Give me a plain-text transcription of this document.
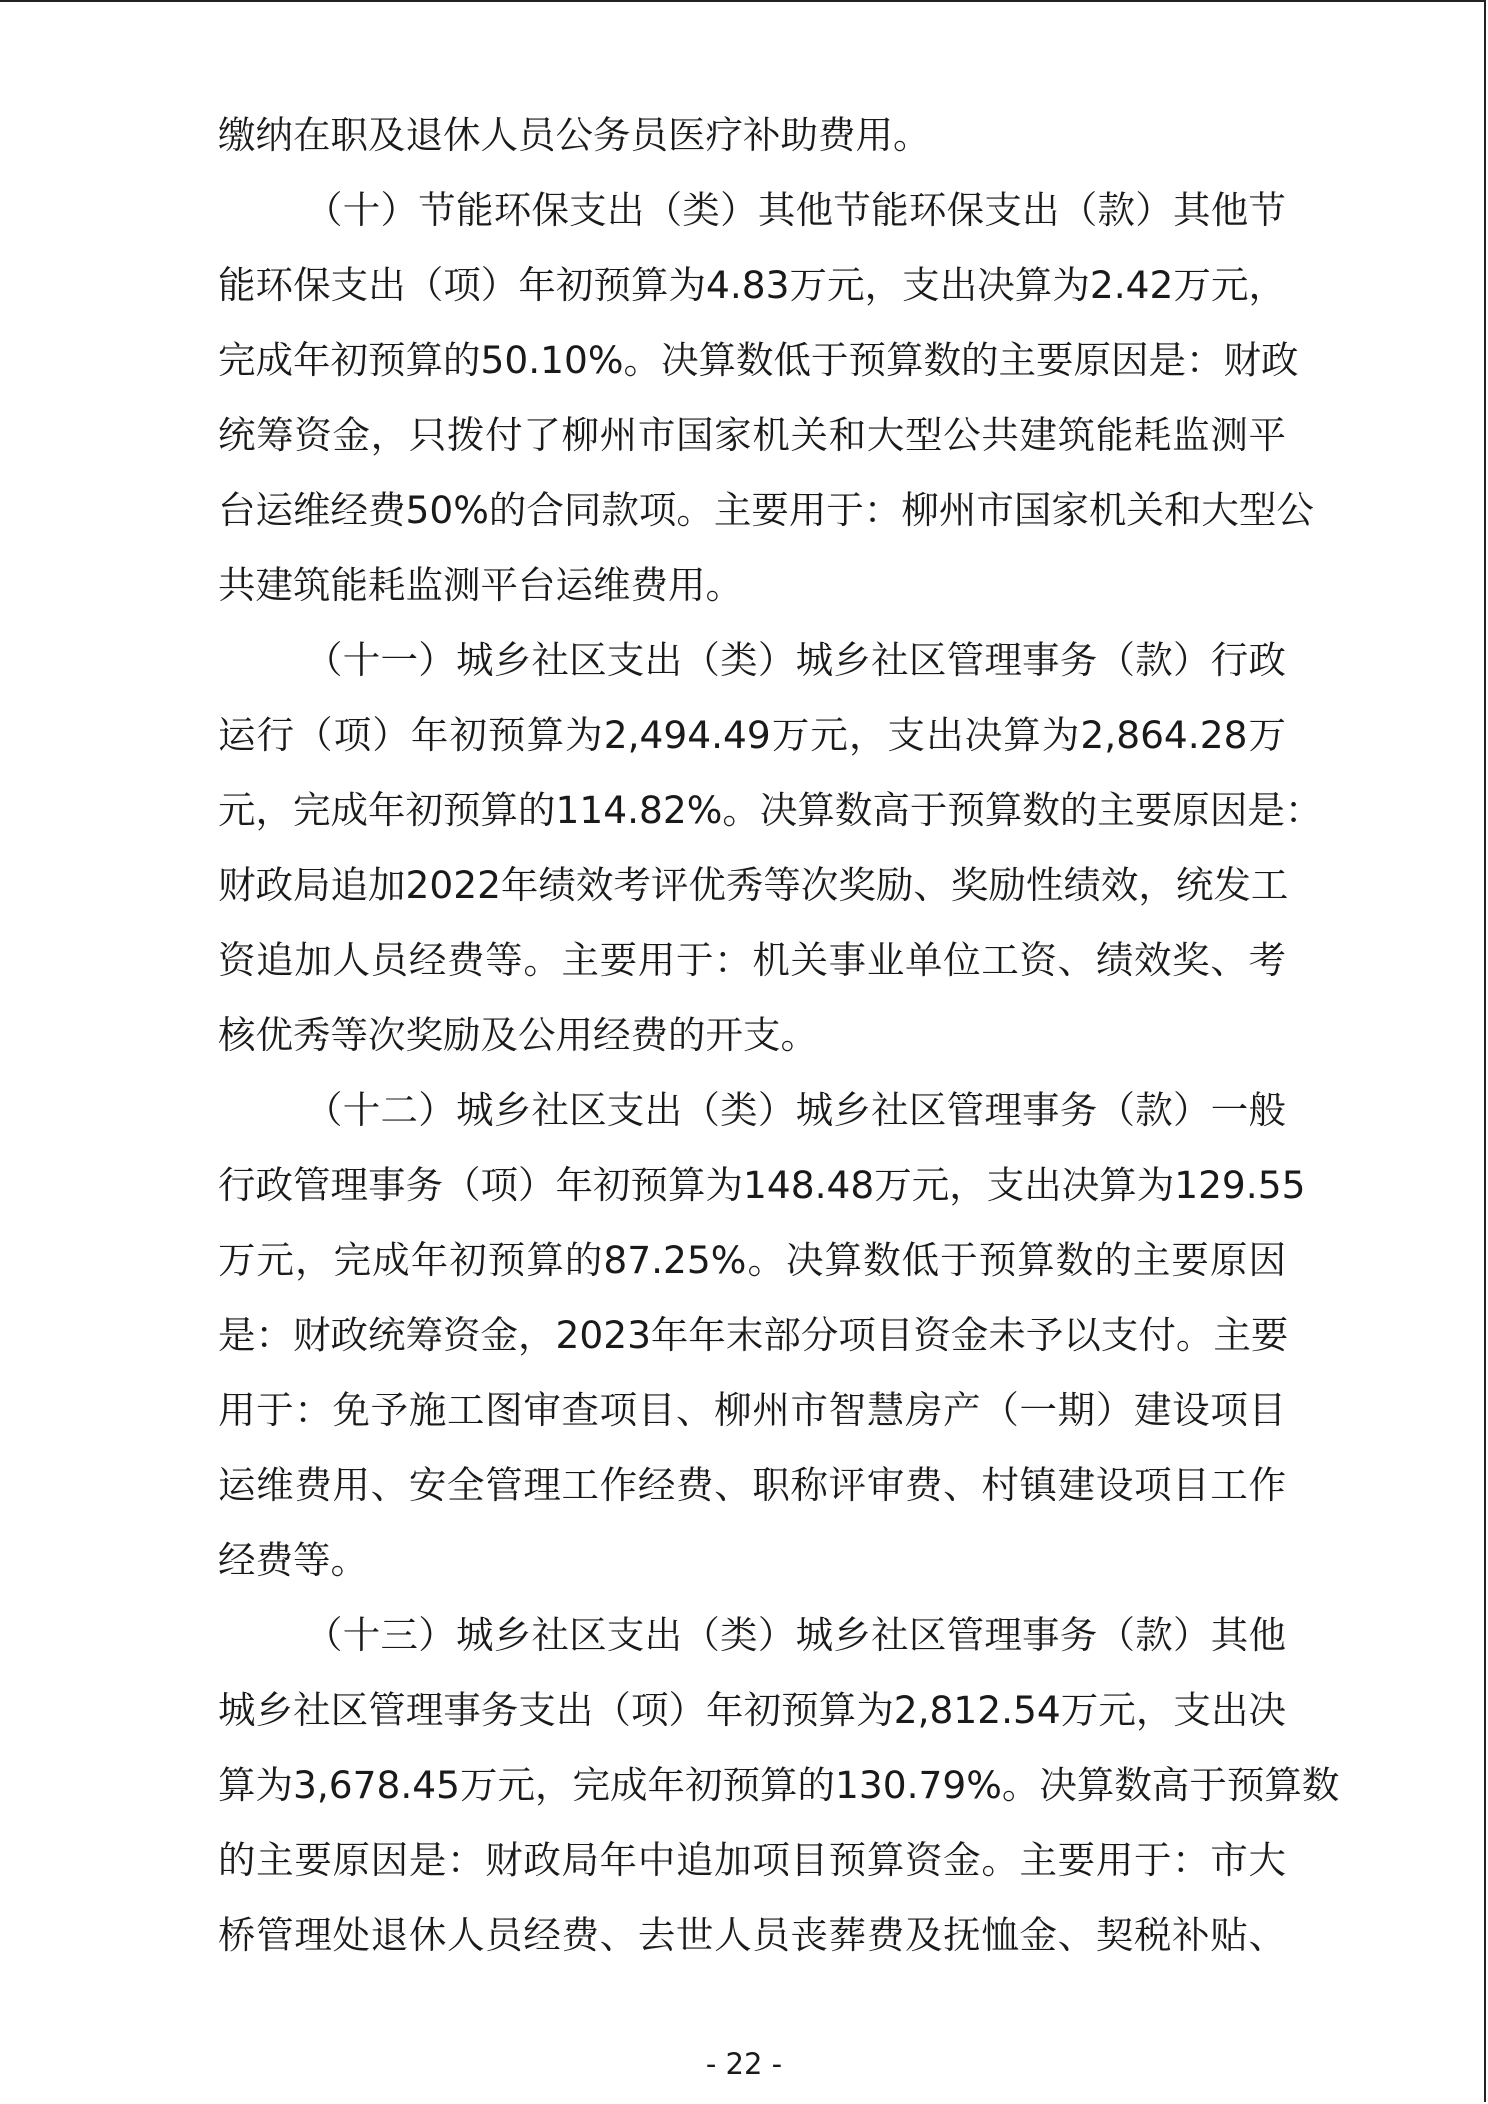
缴纳在职及退休人员公务员医疗补助费用。
（十）节能环保支出（类）其他节能环保支出（款）其他节
能环保支出（项）年初预算为4.83万元，支出决算为2.42万元，
完成年初预算的50.10%。决算数低于预算数的主要原因是：财政
统筹资金，只拨付了柳州市国家机关和大型公共建筑能耗监测平
台运维经费50%的合同款项。主要用于：柳州市国家机关和大型公
共建筑能耗监测平台运维费用。
（十一）城乡社区支出（类）城乡社区管理事务（款）行政
运行（项）年初预算为2,494.49万元，支出决算为2,864.28万
元，完成年初预算的114.82%。决算数高于预算数的主要原因是：
财政局追加2022年绩效考评优秀等次奖励、奖励性绩效，统发工
资追加人员经费等。主要用于：机关事业单位工资、绩效奖、考
核优秀等次奖励及公用经费的开支。
（十二）城乡社区支出（类）城乡社区管理事务（款）一般
行政管理事务（项）年初预算为148.48万元，支出决算为129.55
万元，完成年初预算的87.25%。决算数低于预算数的主要原因
是：财政统筹资金，2023年年末部分项目资金未予以支付。主要
用于：免予施工图审查项目、柳州市智慧房产（一期）建设项目
运维费用、安全管理工作经费、职称评审费、村镇建设项目工作
经费等。
（十三）城乡社区支出（类）城乡社区管理事务（款）其他
城乡社区管理事务支出（项）年初预算为2,812.54万元，支出决
算为3,678.45万元，完成年初预算的130.79%。决算数高于预算数
的主要原因是：财政局年中追加项目预算资金。主要用于：市大
桥管理处退休人员经费、去世人员丧葬费及抚恤金、契税补贴、
- 22 -
